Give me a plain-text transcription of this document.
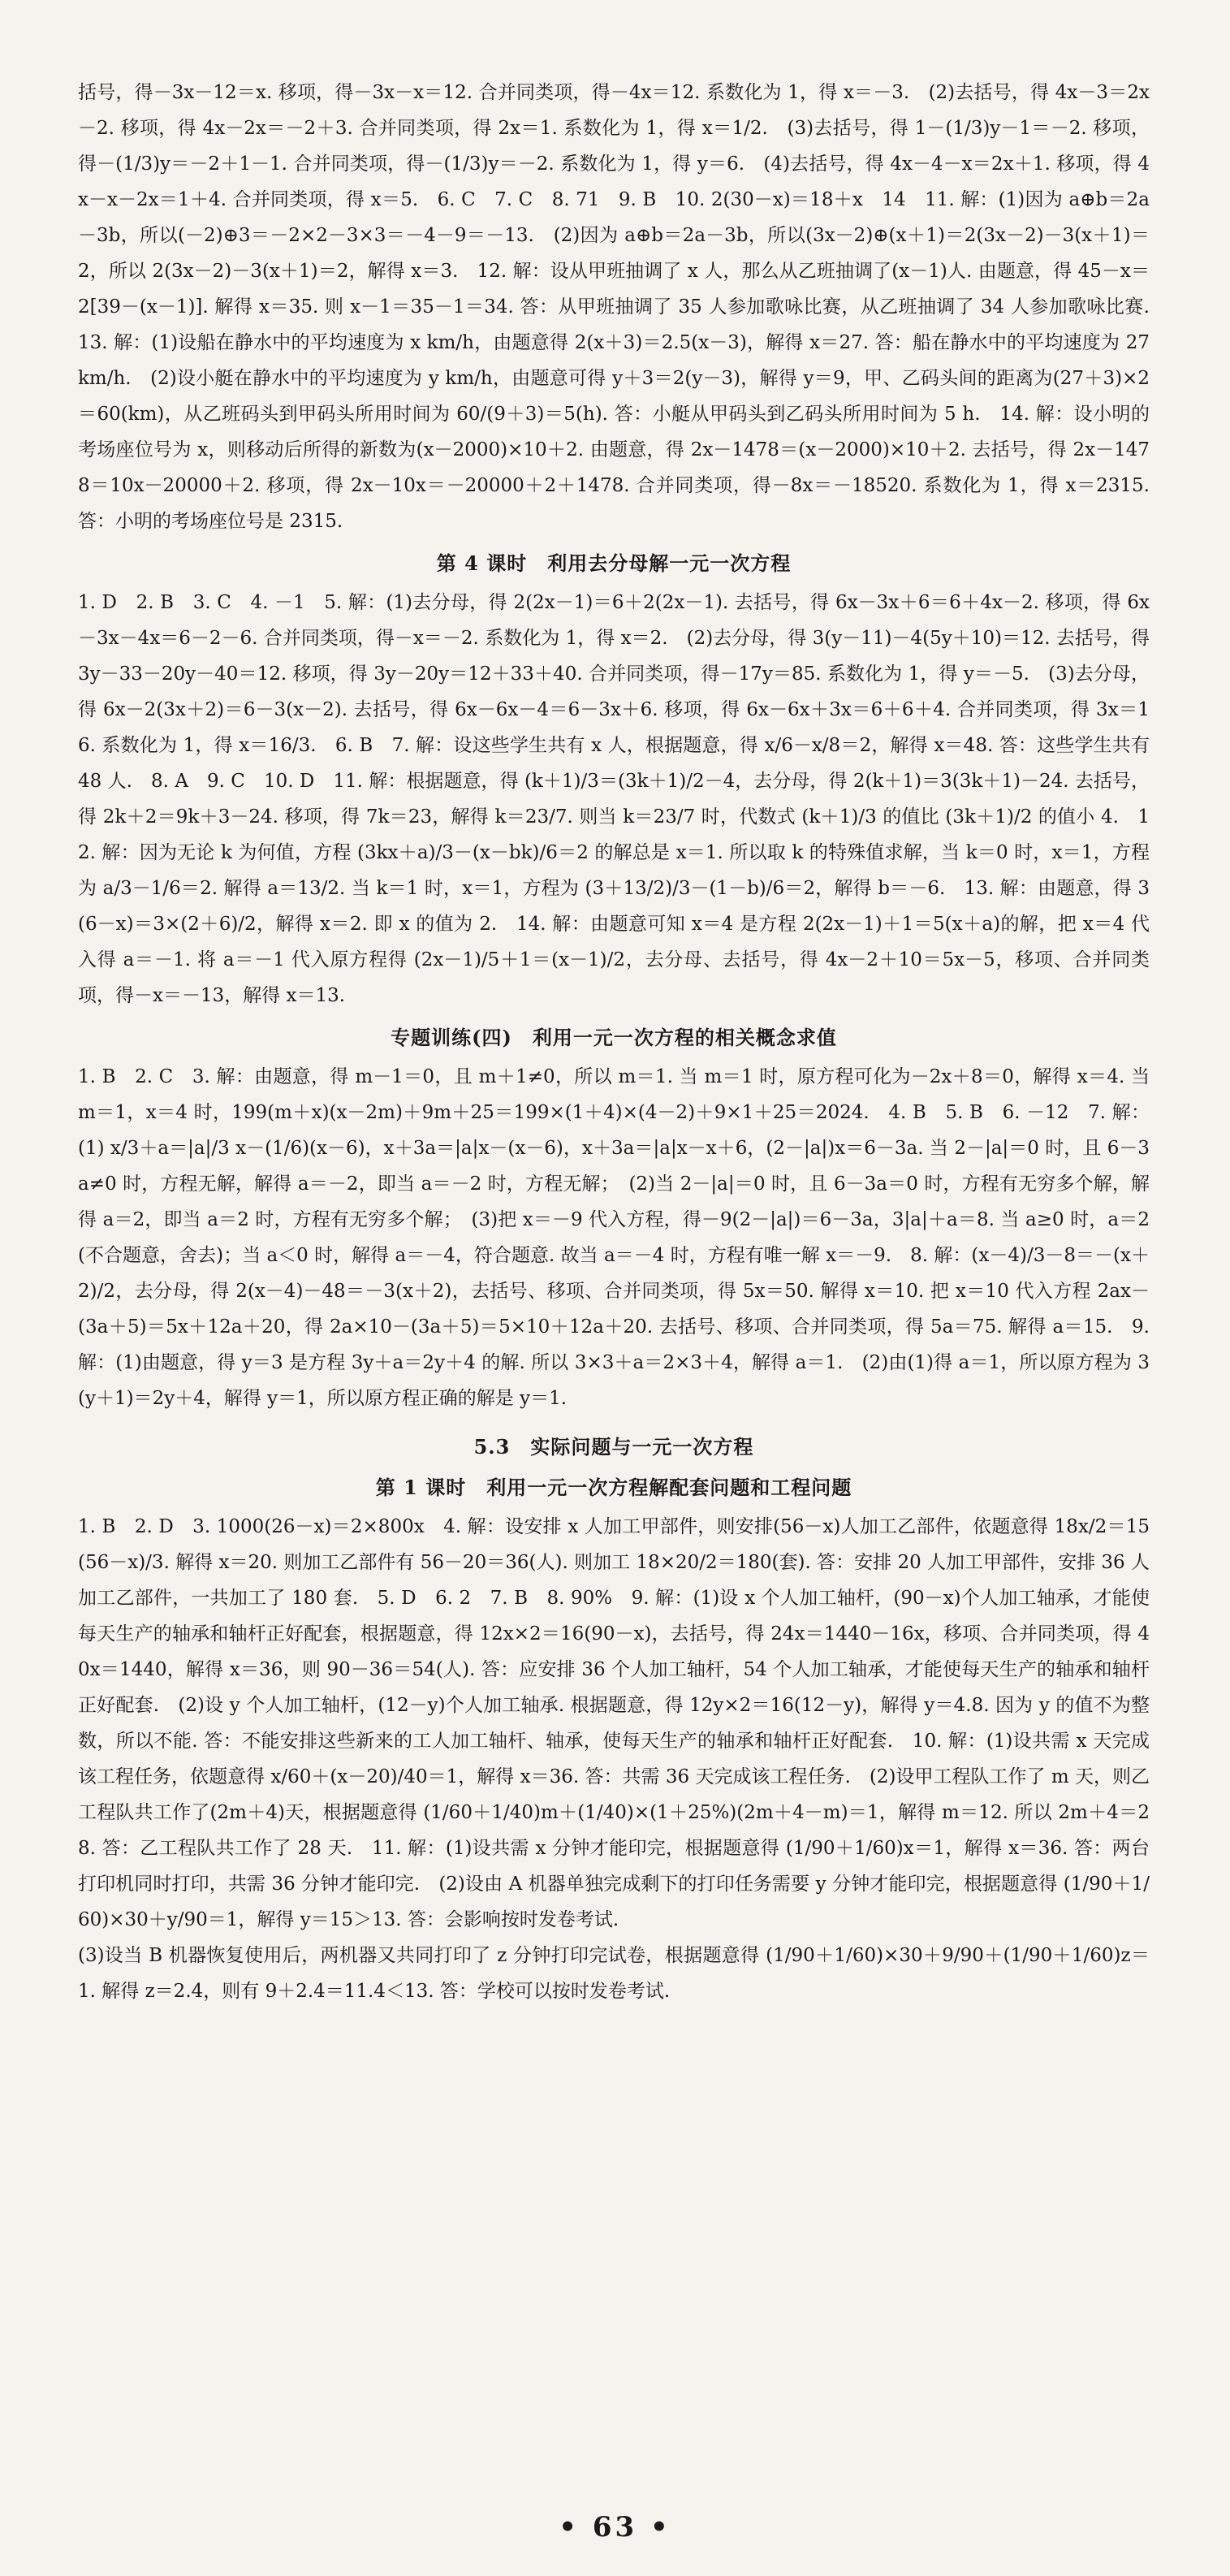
括号，得－3x－12＝x. 移项，得－3x－x＝12. 合并同类项，得－4x＝12. 系数化为 1，得 x＝－3.　(2)去括号，得 4x－3＝2x－2. 移项，得 4x－2x＝－2＋3. 合并同类项，得 2x＝1. 系数化为 1，得 x＝1/2.　(3)去括号，得 1－(1/3)y－1＝－2. 移项，得－(1/3)y＝－2＋1－1. 合并同类项，得－(1/3)y＝－2. 系数化为 1，得 y＝6.　(4)去括号，得 4x－4－x＝2x＋1. 移项，得 4x－x－2x＝1＋4. 合并同类项，得 x＝5.　6. C　7. C　8. 71　9. B　10. 2(30－x)＝18＋x　14　11. 解：(1)因为 a⊕b＝2a－3b，所以(－2)⊕3＝－2×2－3×3＝－4－9＝－13.　(2)因为 a⊕b＝2a－3b，所以(3x－2)⊕(x＋1)＝2(3x－2)－3(x＋1)＝2，所以 2(3x－2)－3(x＋1)＝2，解得 x＝3.　12. 解：设从甲班抽调了 x 人，那么从乙班抽调了(x－1)人. 由题意，得 45－x＝2[39－(x－1)]. 解得 x＝35. 则 x－1＝35－1＝34. 答：从甲班抽调了 35 人参加歌咏比赛，从乙班抽调了 34 人参加歌咏比赛.　13. 解：(1)设船在静水中的平均速度为 x km/h，由题意得 2(x＋3)＝2.5(x－3)，解得 x＝27. 答：船在静水中的平均速度为 27 km/h.　(2)设小艇在静水中的平均速度为 y km/h，由题意可得 y＋3＝2(y－3)，解得 y＝9，甲、乙码头间的距离为(27＋3)×2＝60(km)，从乙班码头到甲码头所用时间为 60/(9＋3)＝5(h). 答：小艇从甲码头到乙码头所用时间为 5 h.　14. 解：设小明的考场座位号为 x，则移动后所得的新数为(x－2000)×10＋2. 由题意，得 2x－1478＝(x－2000)×10＋2. 去括号，得 2x－1478＝10x－20000＋2. 移项，得 2x－10x＝－20000＋2＋1478. 合并同类项，得－8x＝－18520. 系数化为 1，得 x＝2315. 答：小明的考场座位号是 2315.

第 4 课时　利用去分母解一元一次方程

1. D　2. B　3. C　4. －1　5. 解：(1)去分母，得 2(2x－1)＝6＋2(2x－1). 去括号，得 6x－3x＋6＝6＋4x－2. 移项，得 6x－3x－4x＝6－2－6. 合并同类项，得－x＝－2. 系数化为 1，得 x＝2.　(2)去分母，得 3(y－11)－4(5y＋10)＝12. 去括号，得 3y－33－20y－40＝12. 移项，得 3y－20y＝12＋33＋40. 合并同类项，得－17y＝85. 系数化为 1，得 y＝－5.　(3)去分母，得 6x－2(3x＋2)＝6－3(x－2). 去括号，得 6x－6x－4＝6－3x＋6. 移项，得 6x－6x＋3x＝6＋6＋4. 合并同类项，得 3x＝16. 系数化为 1，得 x＝16/3.　6. B　7. 解：设这些学生共有 x 人，根据题意，得 x/6－x/8＝2，解得 x＝48. 答：这些学生共有 48 人.　8. A　9. C　10. D　11. 解：根据题意，得 (k＋1)/3＝(3k＋1)/2－4，去分母，得 2(k＋1)＝3(3k＋1)－24. 去括号，得 2k＋2＝9k＋3－24. 移项，得 7k＝23，解得 k＝23/7. 则当 k＝23/7 时，代数式 (k＋1)/3 的值比 (3k＋1)/2 的值小 4.　12. 解：因为无论 k 为何值，方程 (3kx＋a)/3－(x－bk)/6＝2 的解总是 x＝1. 所以取 k 的特殊值求解，当 k＝0 时，x＝1，方程为 a/3－1/6＝2. 解得 a＝13/2. 当 k＝1 时，x＝1，方程为 (3＋13/2)/3－(1－b)/6＝2，解得 b＝－6.　13. 解：由题意，得 3(6－x)＝3×(2＋6)/2，解得 x＝2. 即 x 的值为 2.　14. 解：由题意可知 x＝4 是方程 2(2x－1)＋1＝5(x＋a)的解，把 x＝4 代入得 a＝－1. 将 a＝－1 代入原方程得 (2x－1)/5＋1＝(x－1)/2，去分母、去括号，得 4x－2＋10＝5x－5，移项、合并同类项，得－x＝－13，解得 x＝13.

专题训练(四)　利用一元一次方程的相关概念求值

1. B　2. C　3. 解：由题意，得 m－1＝0，且 m＋1≠0，所以 m＝1. 当 m＝1 时，原方程可化为－2x＋8＝0，解得 x＝4. 当 m＝1，x＝4 时，199(m＋x)(x－2m)＋9m＋25＝199×(1＋4)×(4－2)＋9×1＋25＝2024.　4. B　5. B　6. －12　7. 解：(1) x/3＋a＝|a|/3 x－(1/6)(x－6)，x＋3a＝|a|x－(x－6)，x＋3a＝|a|x－x＋6，(2－|a|)x＝6－3a. 当 2－|a|＝0 时，且 6－3a≠0 时，方程无解，解得 a＝－2，即当 a＝－2 时，方程无解；　(2)当 2－|a|＝0 时，且 6－3a＝0 时，方程有无穷多个解，解得 a＝2，即当 a＝2 时，方程有无穷多个解；　(3)把 x＝－9 代入方程，得－9(2－|a|)＝6－3a，3|a|＋a＝8. 当 a≥0 时，a＝2(不合题意，舍去)；当 a＜0 时，解得 a＝－4，符合题意. 故当 a＝－4 时，方程有唯一解 x＝－9.　8. 解：(x－4)/3－8＝－(x＋2)/2，去分母，得 2(x－4)－48＝－3(x＋2)，去括号、移项、合并同类项，得 5x＝50. 解得 x＝10. 把 x＝10 代入方程 2ax－(3a＋5)＝5x＋12a＋20，得 2a×10－(3a＋5)＝5×10＋12a＋20. 去括号、移项、合并同类项，得 5a＝75. 解得 a＝15.　9. 解：(1)由题意，得 y＝3 是方程 3y＋a＝2y＋4 的解. 所以 3×3＋a＝2×3＋4，解得 a＝1.　(2)由(1)得 a＝1，所以原方程为 3(y＋1)＝2y＋4，解得 y＝1，所以原方程正确的解是 y＝1.

5.3　实际问题与一元一次方程
第 1 课时　利用一元一次方程解配套问题和工程问题

1. B　2. D　3. 1000(26－x)＝2×800x　4. 解：设安排 x 人加工甲部件，则安排(56－x)人加工乙部件，依题意得 18x/2＝15(56－x)/3. 解得 x＝20. 则加工乙部件有 56－20＝36(人). 则加工 18×20/2＝180(套). 答：安排 20 人加工甲部件，安排 36 人加工乙部件，一共加工了 180 套.　5. D　6. 2　7. B　8. 90%　9. 解：(1)设 x 个人加工轴杆，(90－x)个人加工轴承，才能使每天生产的轴承和轴杆正好配套，根据题意，得 12x×2＝16(90－x)，去括号，得 24x＝1440－16x，移项、合并同类项，得 40x＝1440，解得 x＝36，则 90－36＝54(人). 答：应安排 36 个人加工轴杆，54 个人加工轴承，才能使每天生产的轴承和轴杆正好配套.　(2)设 y 个人加工轴杆，(12－y)个人加工轴承. 根据题意，得 12y×2＝16(12－y)，解得 y＝4.8. 因为 y 的值不为整数，所以不能. 答：不能安排这些新来的工人加工轴杆、轴承，使每天生产的轴承和轴杆正好配套.　10. 解：(1)设共需 x 天完成该工程任务，依题意得 x/60＋(x－20)/40＝1，解得 x＝36. 答：共需 36 天完成该工程任务.　(2)设甲工程队工作了 m 天，则乙工程队共工作了(2m＋4)天，根据题意得 (1/60＋1/40)m＋(1/40)×(1＋25%)(2m＋4－m)＝1，解得 m＝12. 所以 2m＋4＝28. 答：乙工程队共工作了 28 天.　11. 解：(1)设共需 x 分钟才能印完，根据题意得 (1/90＋1/60)x＝1，解得 x＝36. 答：两台打印机同时打印，共需 36 分钟才能印完.　(2)设由 A 机器单独完成剩下的打印任务需要 y 分钟才能印完，根据题意得 (1/90＋1/60)×30＋y/90＝1，解得 y＝15＞13. 答：会影响按时发卷考试.

(3)设当 B 机器恢复使用后，两机器又共同打印了 z 分钟打印完试卷，根据题意得 (1/90＋1/60)×30＋9/90＋(1/90＋1/60)z＝1. 解得 z＝2.4，则有 9＋2.4＝11.4＜13. 答：学校可以按时发卷考试.

• 63 •
